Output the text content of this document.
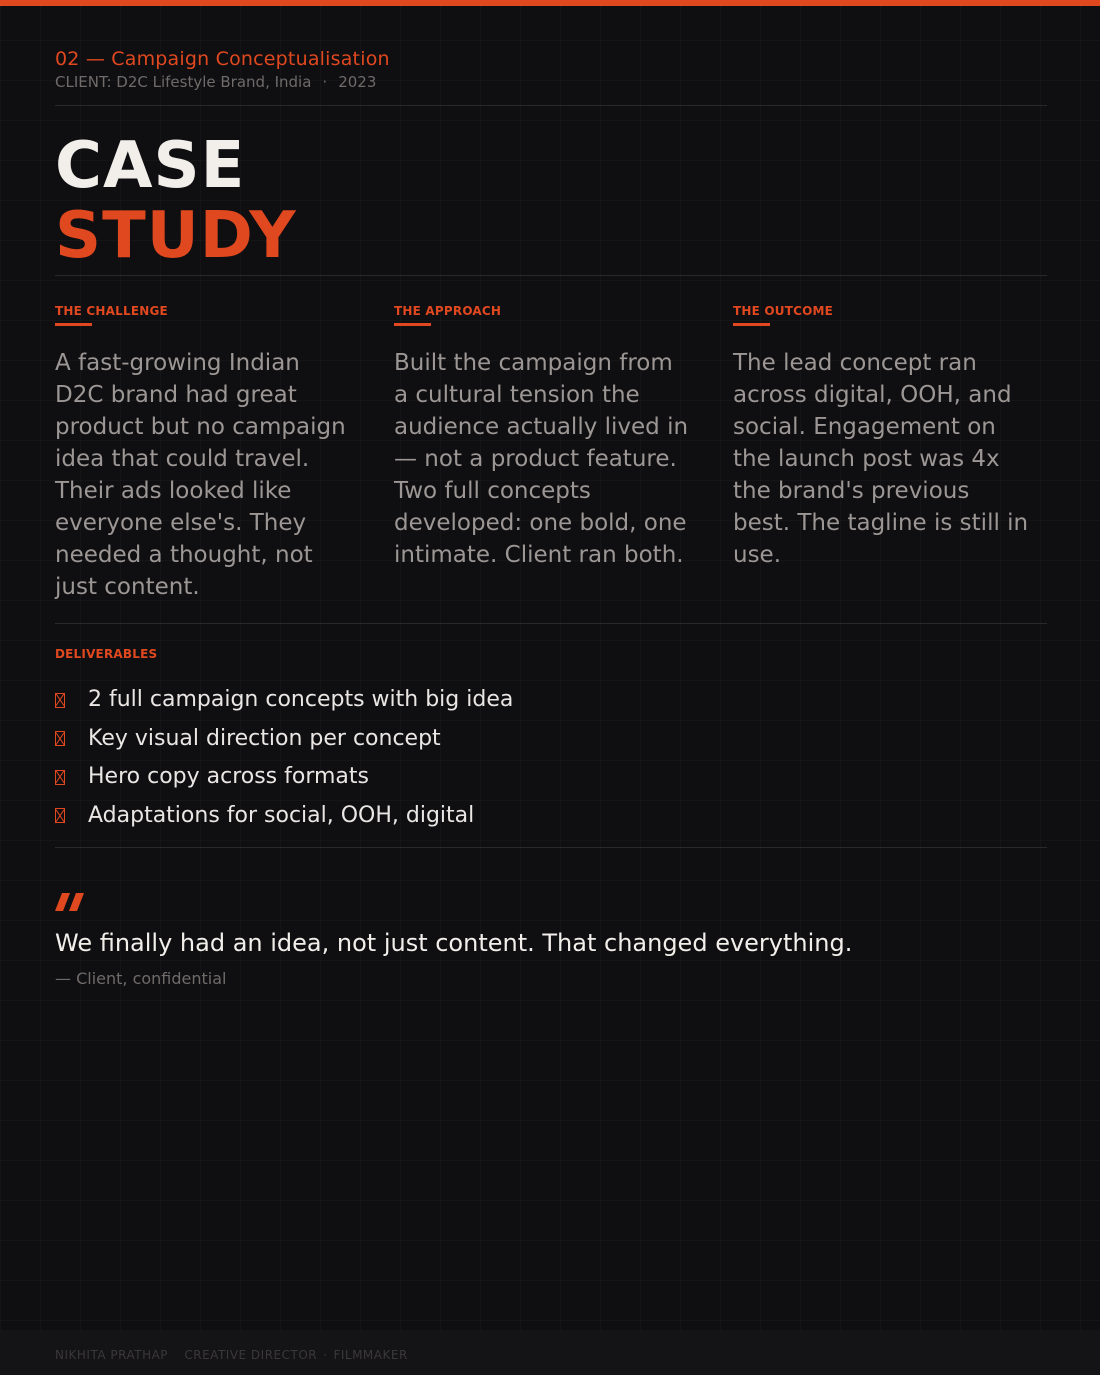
02 — Campaign Conceptualisation
CLIENT: D2C Lifestyle Brand, India · 2023
CASE
STUDY
THE CHALLENGE
A fast-growing Indian D2C brand had great product but no campaign idea that could travel. Their ads looked like everyone else's. They needed a thought, not just content.
THE APPROACH
Built the campaign from a cultural tension the audience actually lived in — not a product feature. Two full concepts developed: one bold, one intimate. Client ran both.
THE OUTCOME
The lead concept ran across digital, OOH, and social. Engagement on the launch post was 4x the brand's previous best. The tagline is still in use.
DELIVERABLES
2 full campaign concepts with big idea
Key visual direction per concept
Hero copy across formats
Adaptations for social, OOH, digital
We finally had an idea, not just content. That changed everything.
— Client, confidential
NIKHITA PRATHAP CREATIVE DIRECTOR · FILMMAKER
